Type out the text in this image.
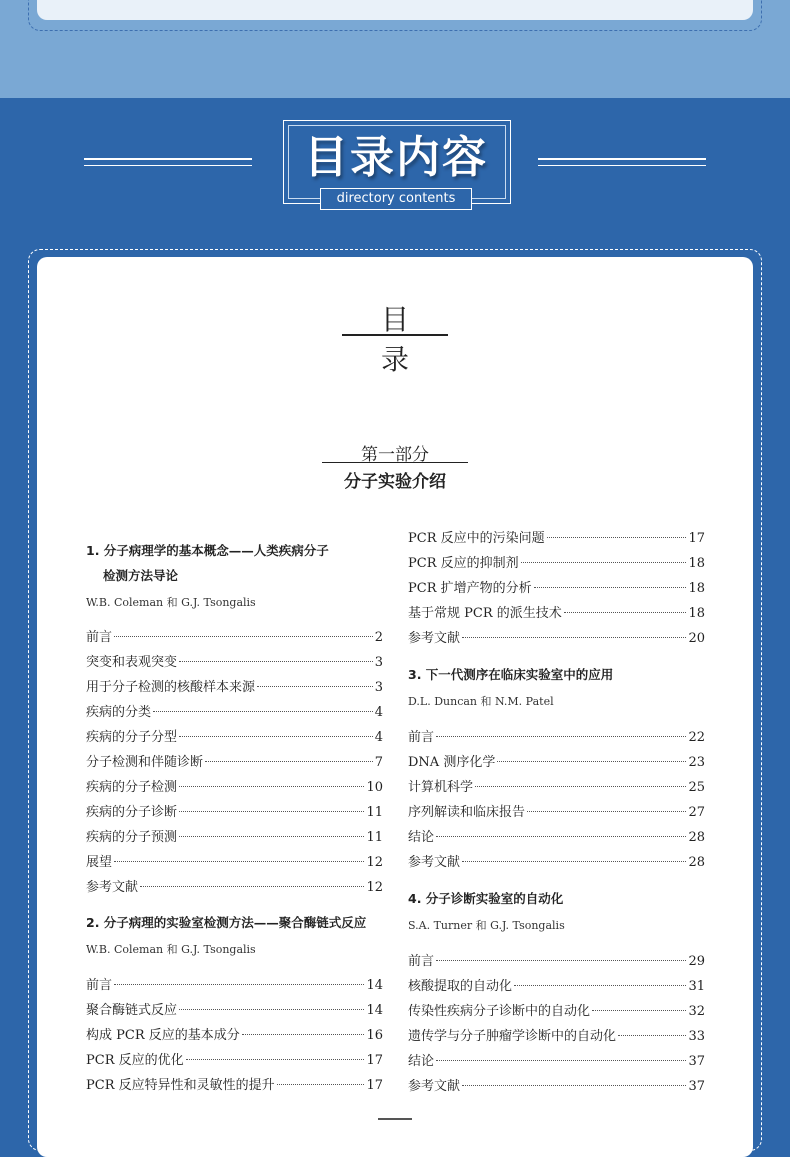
目录内容
directory contents
目录
第一部分
分子实验介绍
1. 分子病理学的基本概念——人类疾病分子
检测方法导论
W.B. Coleman 和 G.J. Tsongalis
前言	2
突变和表观突变	3
用于分子检测的核酸样本来源	3
疾病的分类	4
疾病的分子分型	4
分子检测和伴随诊断	7
疾病的分子检测	10
疾病的分子诊断	11
疾病的分子预测	11
展望	12
参考文献	12
2. 分子病理的实验室检测方法——聚合酶链式反应
W.B. Coleman 和 G.J. Tsongalis
前言	14
聚合酶链式反应	14
构成 PCR 反应的基本成分	16
PCR 反应的优化	17
PCR 反应特异性和灵敏性的提升	17
PCR 反应中的污染问题	17
PCR 反应的抑制剂	18
PCR 扩增产物的分析	18
基于常规 PCR 的派生技术	18
参考文献	20
3. 下一代测序在临床实验室中的应用
D.L. Duncan 和 N.M. Patel
前言	22
DNA 测序化学	23
计算机科学	25
序列解读和临床报告	27
结论	28
参考文献	28
4. 分子诊断实验室的自动化
S.A. Turner 和 G.J. Tsongalis
前言	29
核酸提取的自动化	31
传染性疾病分子诊断中的自动化	32
遗传学与分子肿瘤学诊断中的自动化	33
结论	37
参考文献	37
